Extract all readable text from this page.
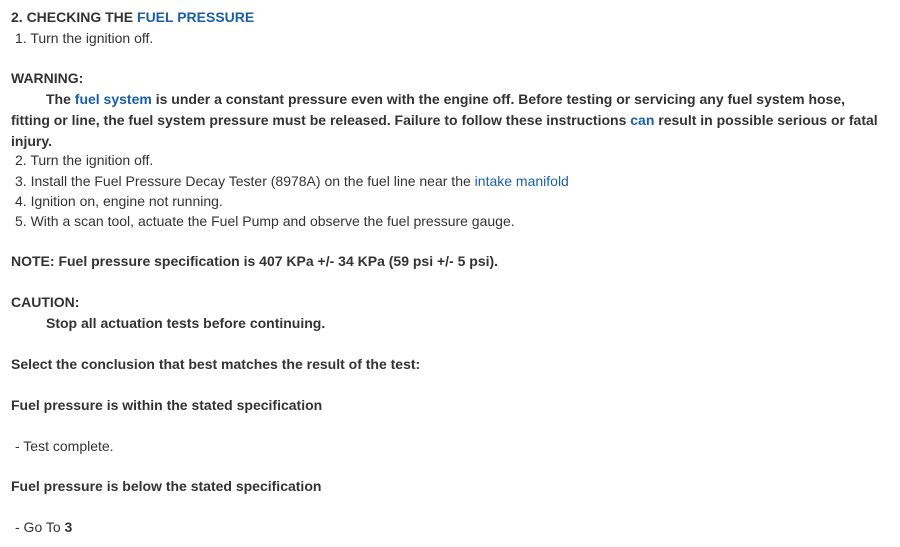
2. CHECKING THE FUEL PRESSURE
1. Turn the ignition off.
WARNING:
The fuel system is under a constant pressure even with the engine off. Before testing or servicing any fuel system hose, fitting or line, the fuel system pressure must be released. Failure to follow these instructions can result in possible serious or fatal injury.
2. Turn the ignition off.
3. Install the Fuel Pressure Decay Tester (8978A) on the fuel line near the intake manifold
4. Ignition on, engine not running.
5. With a scan tool, actuate the Fuel Pump and observe the fuel pressure gauge.
NOTE: Fuel pressure specification is 407 KPa +/- 34 KPa (59 psi +/- 5 psi).
CAUTION:
Stop all actuation tests before continuing.
Select the conclusion that best matches the result of the test:
Fuel pressure is within the stated specification
- Test complete.
Fuel pressure is below the stated specification
- Go To 3
